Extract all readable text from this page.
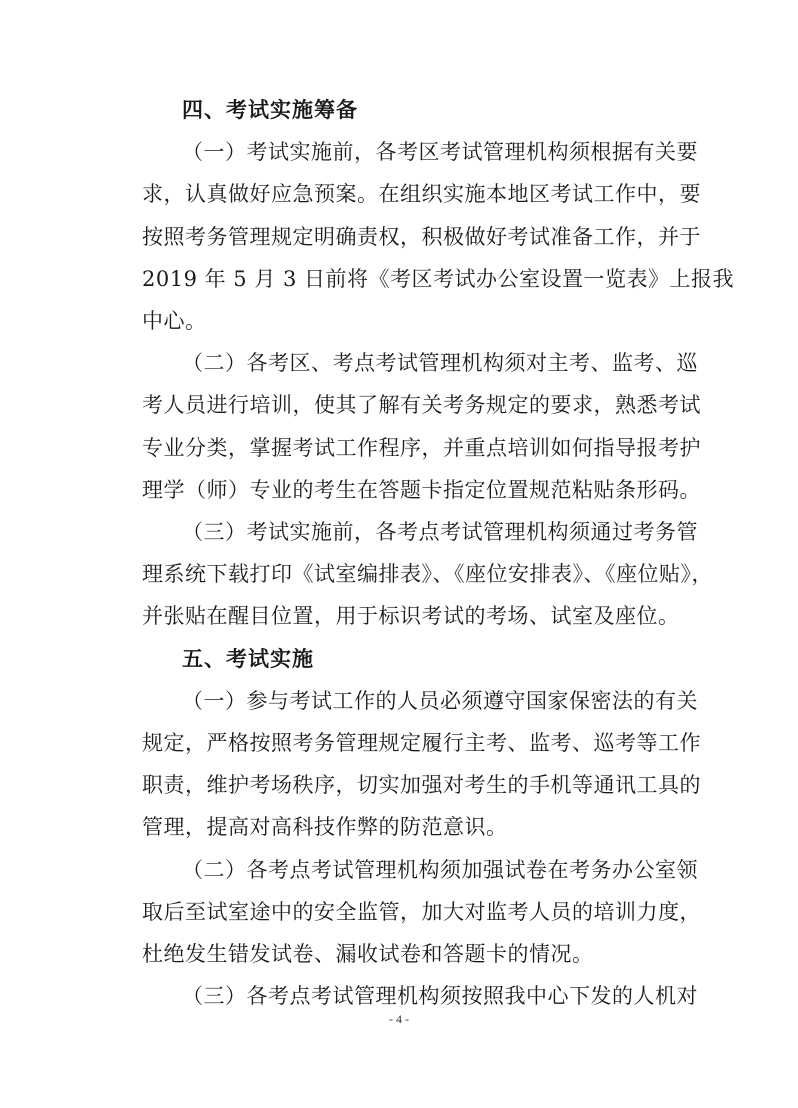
- 4 -
四、考试实施筹备
（一）考试实施前，各考区考试管理机构须根据有关要
求，认真做好应急预案。在组织实施本地区考试工作中，要
按照考务管理规定明确责权，积极做好考试准备工作，并于
2019 年 5 月 3 日前将《考区考试办公室设置一览表》上报我
中心。
（二）各考区、考点考试管理机构须对主考、监考、巡
考人员进行培训，使其了解有关考务规定的要求，熟悉考试
专业分类，掌握考试工作程序，并重点培训如何指导报考护
理学（师）专业的考生在答题卡指定位置规范粘贴条形码。
（三）考试实施前，各考点考试管理机构须通过考务管
理系统下载打印《试室编排表》、《座位安排表》、《座位贴》，
并张贴在醒目位置，用于标识考试的考场、试室及座位。
五、考试实施
（一）参与考试工作的人员必须遵守国家保密法的有关
规定，严格按照考务管理规定履行主考、监考、巡考等工作
职责，维护考场秩序，切实加强对考生的手机等通讯工具的
管理，提高对高科技作弊的防范意识。
（二）各考点考试管理机构须加强试卷在考务办公室领
取后至试室途中的安全监管，加大对监考人员的培训力度，
杜绝发生错发试卷、漏收试卷和答题卡的情况。
（三）各考点考试管理机构须按照我中心下发的人机对
